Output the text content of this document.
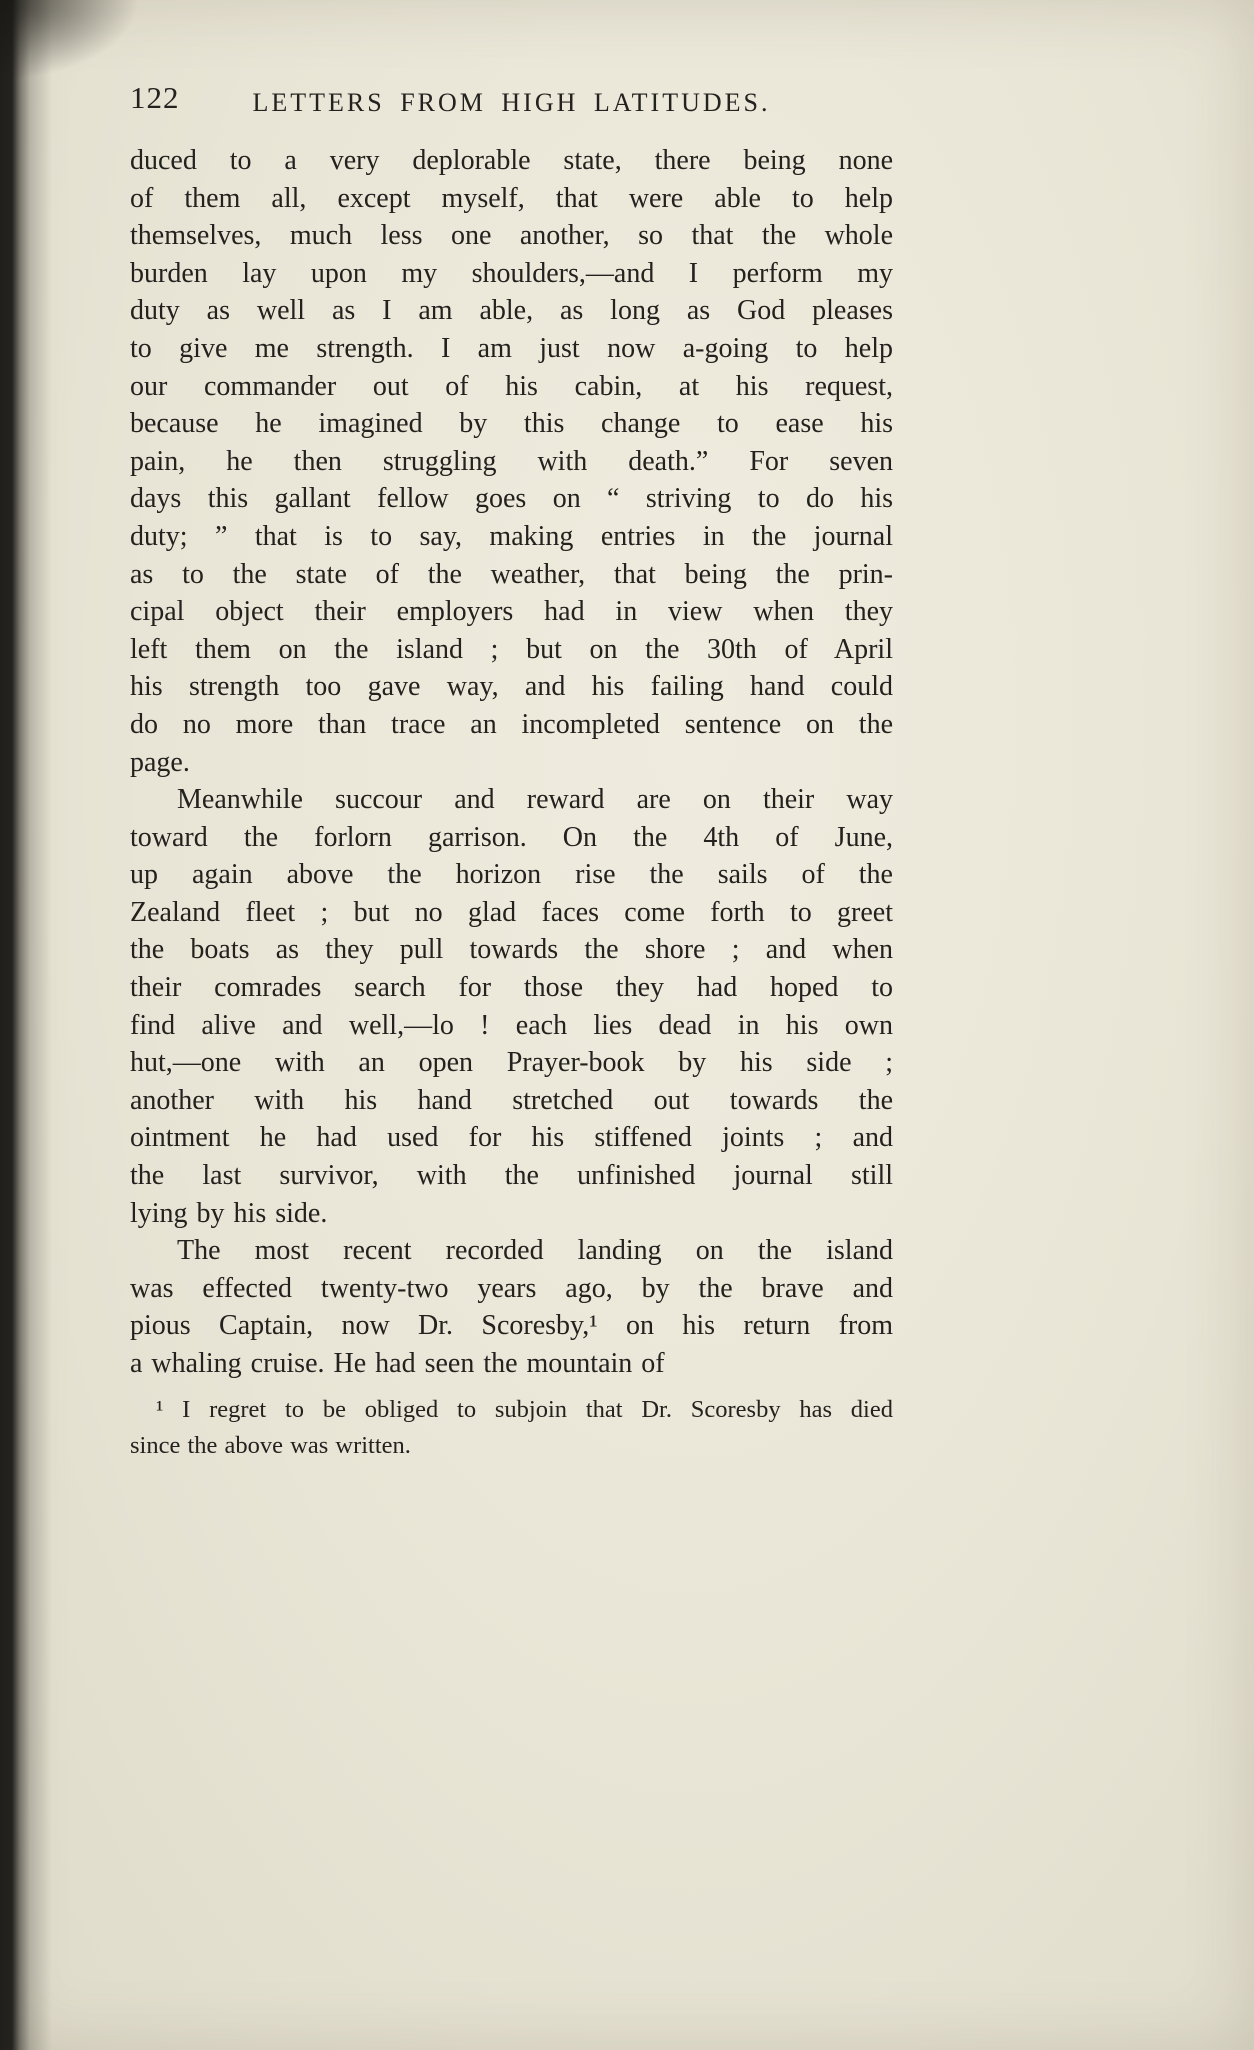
122	LETTERS FROM HIGH LATITUDES.
duced to a very deplorable state, there being none
of them all, except myself, that were able to help
themselves, much less one another, so that the whole
burden lay upon my shoulders,—and I perform my
duty as well as I am able, as long as God pleases
to give me strength. I am just now a-going to help
our commander out of his cabin, at his request,
because he imagined by this change to ease his
pain, he then struggling with death.” For seven
days this gallant fellow goes on “ striving to do his
duty; ” that is to say, making entries in the journal
as to the state of the weather, that being the prin-
cipal object their employers had in view when they
left them on the island ; but on the 30th of April
his strength too gave way, and his failing hand could
do no more than trace an incompleted sentence on the
page.
Meanwhile succour and reward are on their way
toward the forlorn garrison. On the 4th of June,
up again above the horizon rise the sails of the
Zealand fleet ; but no glad faces come forth to greet
the boats as they pull towards the shore ; and when
their comrades search for those they had hoped to
find alive and well,—lo ! each lies dead in his own
hut,—one with an open Prayer-book by his side ;
another with his hand stretched out towards the
ointment he had used for his stiffened joints ; and
the last survivor, with the unfinished journal still
lying by his side.
The most recent recorded landing on the island
was effected twenty-two years ago, by the brave and
pious Captain, now Dr. Scoresby,¹ on his return from
a whaling cruise. He had seen the mountain of
¹ I regret to be obliged to subjoin that Dr. Scoresby has died
since the above was written.
